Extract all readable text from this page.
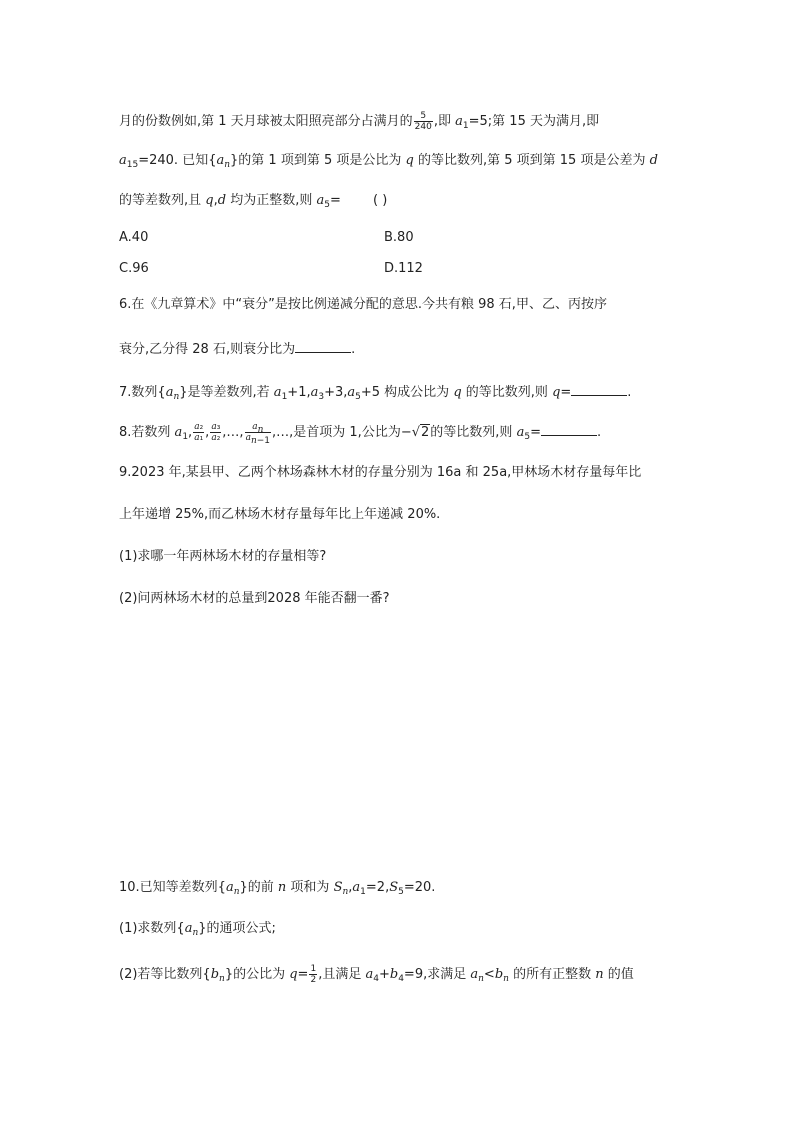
月的份数例如,第 1 天月球被太阳照亮部分占满月的 $\frac{5}{240}$ ,即 $a_1=5$;第 15 天为满月,即
$a_{15}=240$. 已知$\{a_n\}$的第 1 项到第 5 项是公比为 q 的等比数列,第 5 项到第 15 项是公差为 d
的等差数列,且 q,d 均为正整数,则 $a_5=$ ( )
A.40	B.80
C.96	D.112
6.在《九章算术》中“衰分”是按比例递减分配的意思.今共有粮 98 石,甲、乙、丙按序
衰分,乙分得 28 石,则衰分比为	.
7.数列$\{a_n\}$是等差数列,若 $a_1+1,a_3+3,a_5+5$ 构成公比为 q 的等比数列,则 q=	.
8.若数列 $a_1$, $\frac{\text{a₂}}{\text{a₁}}$ , $\frac{\text{a₃}}{\text{a₂}}$ ,…, $\frac{a_n}{a_{n-1}}$ ,…,是首项为 1,公比为−√2的等比数列,则 $a_5=$	.
9.2023 年,某县甲、乙两个林场森林木材的存量分别为 16a 和 25a,甲林场木材存量每年比
上年递增 25%,而乙林场木材存量每年比上年递减 20%.
(1)求哪一年两林场木材的存量相等?
(2)问两林场木材的总量到2028 年能否翻一番?
10.已知等差数列$\{a_n\}$的前 n 项和为 $S_n,a_1=2,S_5=20$.
(1)求数列$\{a_n\}$的通项公式;
(2)若等比数列$\{b_n\}$的公比为 $q= \frac{1}{2}$ ,且满足 $a_4+b_4=9$,求满足 $a_n<b_n$ 的所有正整数 n 的值
